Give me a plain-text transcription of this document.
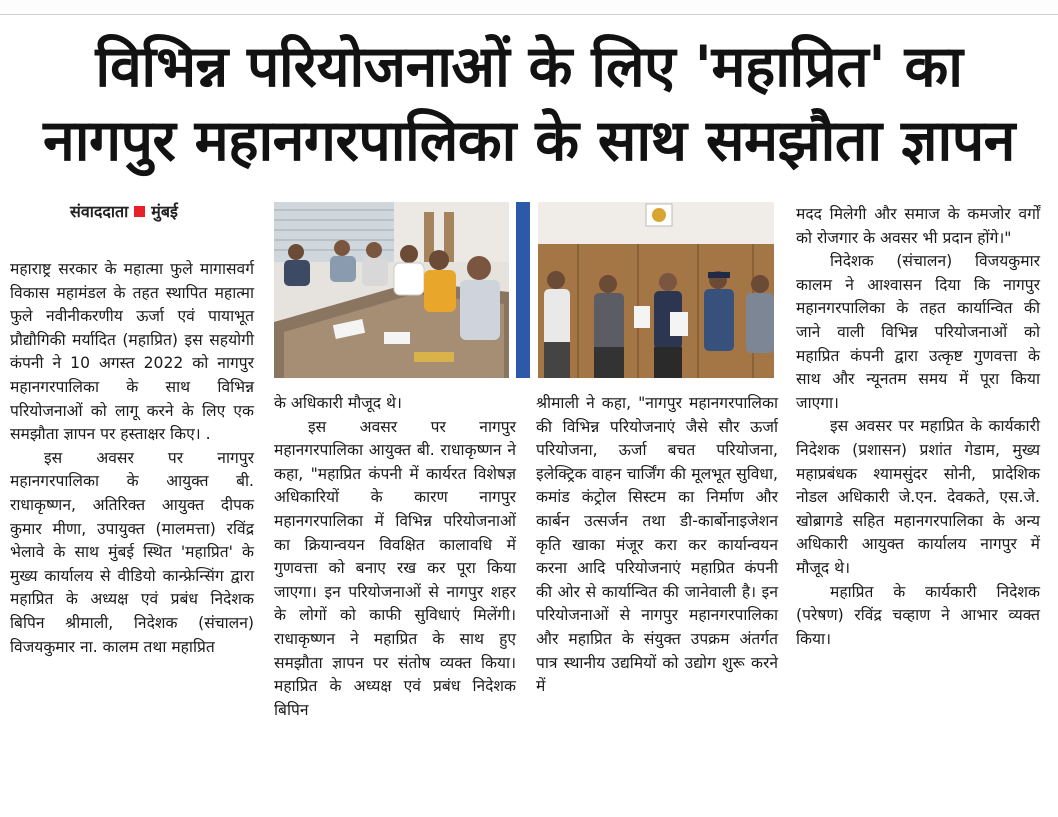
विभिन्न परियोजनाओं के लिए 'महाप्रित' का
नागपुर महानगरपालिका के साथ समझौता ज्ञापन
संवाददाता मुंबई

महाराष्ट्र सरकार के महात्मा फुले मागासवर्ग विकास महामंडल के तहत स्थापित महात्मा फुले नवीनीकरणीय ऊर्जा एवं पायाभूत प्रौद्यौगिकी मर्यादित (महाप्रित) इस सहयोगी कंपनी ने 10 अगस्त 2022 को नागपुर महानगरपालिका के साथ विभिन्न परियोजनाओं को लागू करने के लिए एक समझौता ज्ञापन पर हस्ताक्षर किए। .

इस अवसर पर नागपुर महानगरपालिका के आयुक्त बी. राधाकृष्णन, अतिरिक्त आयुक्त दीपक कुमार मीणा, उपायुक्त (मालमत्ता) रविंद्र भेलावे के साथ मुंबई स्थित 'महाप्रित' के मुख्य कार्यालय से वीडियो कान्फ्रेन्सिंग द्वारा महाप्रित के अध्यक्ष एवं प्रबंध निदेशक बिपिन श्रीमाली, निदेशक (संचालन) विजयकुमार ना. कालम तथा महाप्रित

के अधिकारी मौजूद थे।

इस अवसर पर नागपुर महानगरपालिका आयुक्त बी. राधाकृष्णन ने कहा, "महाप्रित कंपनी में कार्यरत विशेषज्ञ अधिकारियों के कारण नागपुर महानगरपालिका में विभिन्न परियोजनाओं का क्रियान्वयन विवक्षित कालावधि में गुणवत्ता को बनाए रख कर पूरा किया जाएगा। इन परियोजनाओं से नागपुर शहर के लोगों को काफी सुविधाएं मिलेंगी। राधाकृष्णन ने महाप्रित के साथ हुए समझौता ज्ञापन पर संतोष व्यक्त किया। महाप्रित के अध्यक्ष एवं प्रबंध निदेशक बिपिन

श्रीमाली ने कहा, "नागपुर महानगरपालिका की विभिन्न परियोजनाएं जैसे सौर ऊर्जा परियोजना, ऊर्जा बचत परियोजना, इलेक्ट्रिक वाहन चार्जिंग की मूलभूत सुविधा, कमांड कंट्रोल सिस्टम का निर्माण और कार्बन उत्सर्जन तथा डी-कार्बोनाइजेशन कृति खाका मंजूर करा कर कार्यान्वयन करना आदि परियोजनाएं महाप्रित कंपनी की ओर से कार्यान्वित की जानेवाली है। इन परियोजनाओं से नागपुर महानगरपालिका और महाप्रित के संयुक्त उपक्रम अंतर्गत पात्र स्थानीय उद्यमियों को उद्योग शुरू करने में

मदद मिलेगी और समाज के कमजोर वर्गों को रोजगार के अवसर भी प्रदान होंगे।"

निदेशक (संचालन) विजयकुमार कालम ने आश्वासन दिया कि नागपुर महानगरपालिका के तहत कार्यान्वित की जाने वाली विभिन्न परियोजनाओं को महाप्रित कंपनी द्वारा उत्कृष्ट गुणवत्ता के साथ और न्यूनतम समय में पूरा किया जाएगा।

इस अवसर पर महाप्रित के कार्यकारी निदेशक (प्रशासन) प्रशांत गेडाम, मुख्य महाप्रबंधक श्यामसुंदर सोनी, प्रादेशिक नोडल अधिकारी जे.एन. देवकते, एस.जे. खोब्रागडे सहित महानगरपालिका के अन्य अधिकारी आयुक्त कार्यालय नागपुर में मौजूद थे।

महाप्रित के कार्यकारी निदेशक (परेषण) रविंद्र चव्हाण ने आभार व्यक्त किया।
